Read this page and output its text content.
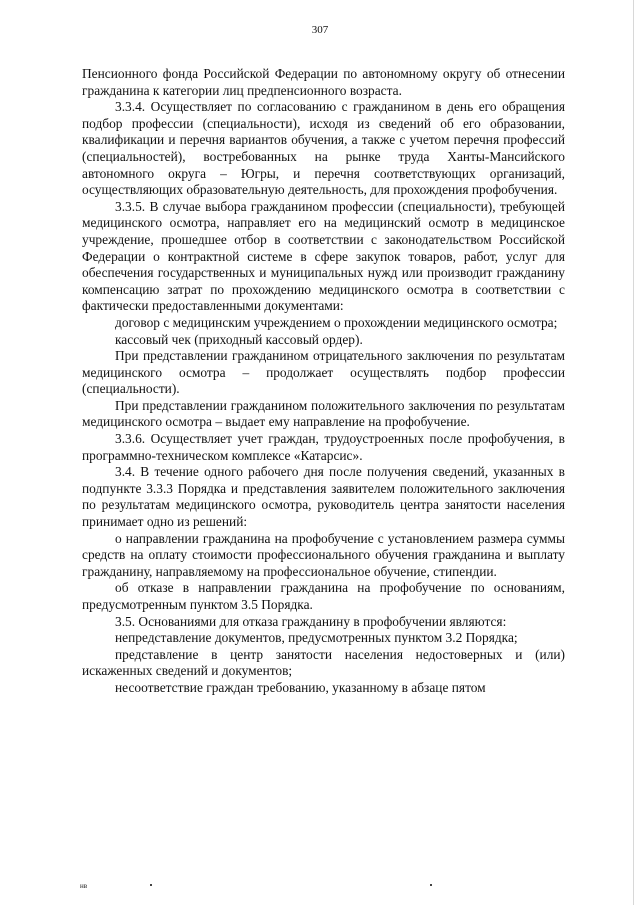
307

Пенсионного фонда Российской Федерации по автономному округу об отнесении гражданина к категории лиц предпенсионного возраста.

3.3.4. Осуществляет по согласованию с гражданином в день его обращения подбор профессии (специальности), исходя из сведений об его образовании, квалификации и перечня вариантов обучения, а также с учетом перечня профессий (специальностей), востребованных на рынке труда Ханты-Мансийского автономного округа – Югры, и перечня соответствующих организаций, осуществляющих образовательную деятельность, для прохождения профобучения.

3.3.5. В случае выбора гражданином профессии (специальности), требующей медицинского осмотра, направляет его на медицинский осмотр в медицинское учреждение, прошедшее отбор в соответствии с законодательством Российской Федерации о контрактной системе в сфере закупок товаров, работ, услуг для обеспечения государственных и муниципальных нужд или производит гражданину компенсацию затрат по прохождению медицинского осмотра в соответствии с фактически предоставленными документами:

договор с медицинским учреждением о прохождении медицинского осмотра;

кассовый чек (приходный кассовый ордер).

При представлении гражданином отрицательного заключения по результатам медицинского осмотра – продолжает осуществлять подбор профессии (специальности).

При представлении гражданином положительного заключения по результатам медицинского осмотра – выдает ему направление на профобучение.

3.3.6. Осуществляет учет граждан, трудоустроенных после профобучения, в программно-техническом комплексе «Катарсис».

3.4. В течение одного рабочего дня после получения сведений, указанных в подпункте 3.3.3 Порядка и представления заявителем положительного заключения по результатам медицинского осмотра, руководитель центра занятости населения принимает одно из решений:

о направлении гражданина на профобучение с установлением размера суммы средств на оплату стоимости профессионального обучения гражданина и выплату гражданину, направляемому на профессиональное обучение, стипендии.

об отказе в направлении гражданина на профобучение по основаниям, предусмотренным пунктом 3.5 Порядка.

3.5. Основаниями для отказа гражданину в профобучении являются:

непредставление документов, предусмотренных пунктом 3.2 Порядка;

представление в центр занятости населения недостоверных и (или) искаженных сведений и документов;

несоответствие граждан требованию, указанному в абзаце пятом

нв
